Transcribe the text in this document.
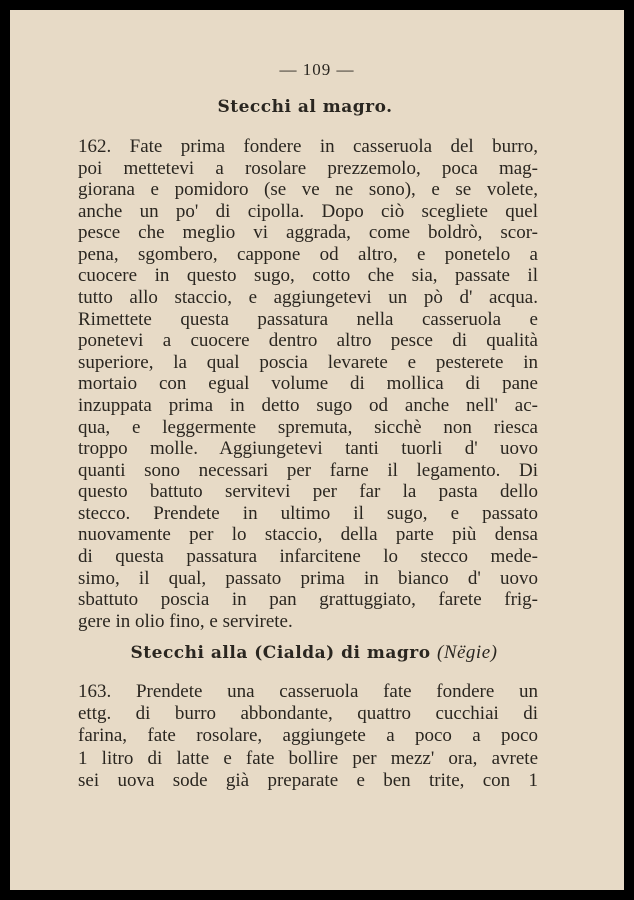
— 109 —
Stecchi al magro.
162. Fate prima fondere in casseruola del burro,
poi mettetevi a rosolare prezzemolo, poca mag-
giorana e pomidoro (se ve ne sono), e se volete,
anche un po' di cipolla. Dopo ciò scegliete quel
pesce che meglio vi aggrada, come boldrò, scor-
pena, sgombero, cappone od altro, e ponetelo a
cuocere in questo sugo, cotto che sia, passate il
tutto allo staccio, e aggiungetevi un pò d' acqua.
Rimettete questa passatura nella casseruola e
ponetevi a cuocere dentro altro pesce di qualità
superiore, la qual poscia levarete e pesterete in
mortaio con egual volume di mollica di pane
inzuppata prima in detto sugo od anche nell' ac-
qua, e leggermente spremuta, sicchè non riesca
troppo molle. Aggiungetevi tanti tuorli d' uovo
quanti sono necessari per farne il legamento. Di
questo battuto servitevi per far la pasta dello
stecco. Prendete in ultimo il sugo, e passato
nuovamente per lo staccio, della parte più densa
di questa passatura infarcitene lo stecco mede-
simo, il qual, passato prima in bianco d' uovo
sbattuto poscia in pan grattuggiato, farete frig-
gere in olio fino, e servirete.
Stecchi alla (Cialda) di magro (Nëgie)
163. Prendete una casseruola fate fondere un
ettg. di burro abbondante, quattro cucchiai di
farina, fate rosolare, aggiungete a poco a poco
1 litro di latte e fate bollire per mezz' ora, avrete
sei uova sode già preparate e ben trite, con 1
